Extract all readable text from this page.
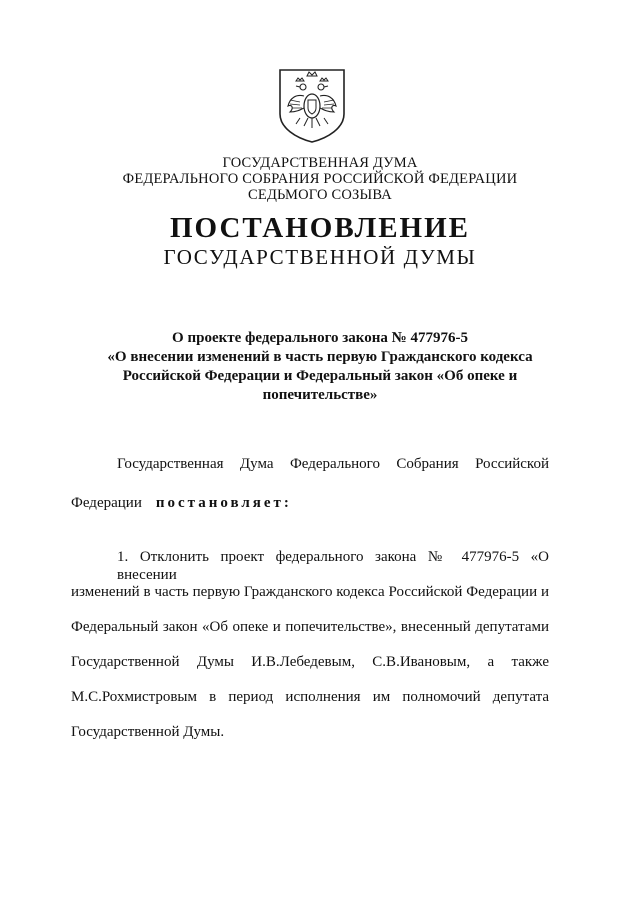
ГОСУДАРСТВЕННАЯ ДУМА
ФЕДЕРАЛЬНОГО СОБРАНИЯ РОССИЙСКОЙ ФЕДЕРАЦИИ
СЕДЬМОГО СОЗЫВА
ПОСТАНОВЛЕНИЕ
ГОСУДАРСТВЕННОЙ ДУМЫ
О проекте федерального закона № 477976-5
«О внесении изменений в часть первую Гражданского кодекса
Российской Федерации и Федеральный закон «Об опеке и
попечительстве»
Государственная Дума Федерального Собрания Российской
Федерации постановляет:
1. Отклонить проект федерального закона № 477976-5 «О внесении
изменений в часть первую Гражданского кодекса Российской Федерации и
Федеральный закон «Об опеке и попечительстве», внесенный депутатами
Государственной Думы И.В.Лебедевым, С.В.Ивановым, а также
М.С.Рохмистровым в период исполнения им полномочий депутата
Государственной Думы.
